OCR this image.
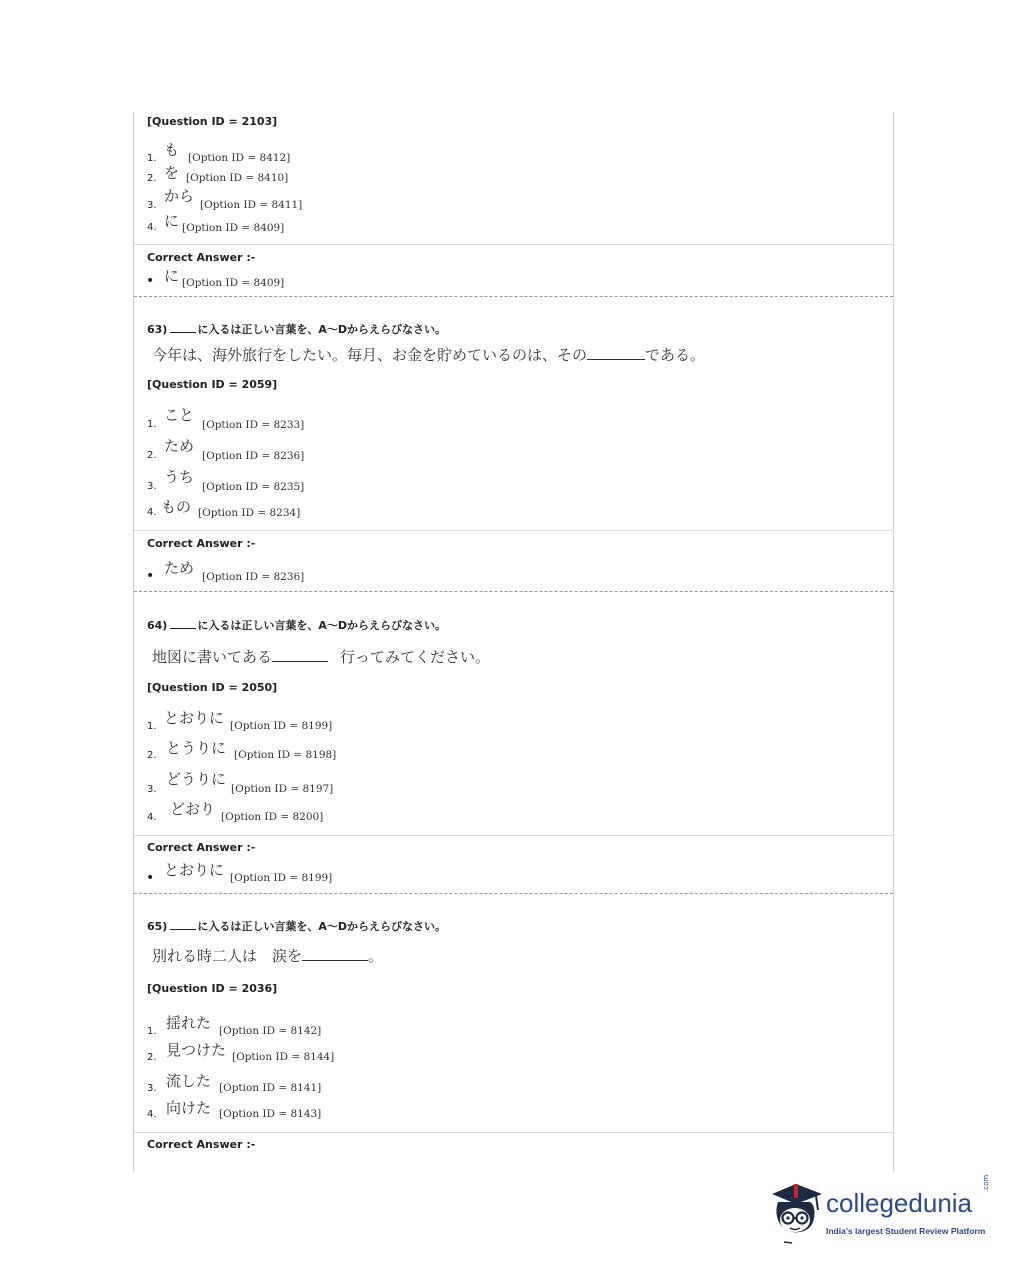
[Question ID = 2103]
1. も [Option ID = 8412]
2. を [Option ID = 8410]
3.
から [Option ID = 8411]
4. に [Option ID = 8409]
Correct Answer :-
• に [Option ID = 8409]
63)	に入るは正しい言葉を、A～Dからえらびなさい。
今年は、海外旅行をしたい。毎月、お金を貯めているのは、その	である。
[Question ID = 2059]
1.
こと
[Option ID = 8233]
2.
ため
[Option ID = 8236]
3.
うち
[Option ID = 8235]
4. もの [Option ID = 8234]
Correct Answer :-
• ため [Option ID = 8236]
64)	に入るは正しい言葉を、A～Dからえらびなさい。
地図に書いてある	行ってみてください。
[Question ID = 2050]
1. とおりに [Option ID = 8199]
2. とうりに [Option ID = 8198]
3.
どうりに
[Option ID = 8197]
4. どおり [Option ID = 8200]
Correct Answer :-
• とおりに [Option ID = 8199]
65)	に入るは正しい言葉を、A～Dからえらびなさい。
別れる時二人は　涙を	。
[Question ID = 2036]
1. 揺れた [Option ID = 8142]
2. 見つけた [Option ID = 8144]
3. 流した [Option ID = 8141]
4. 向けた [Option ID = 8143]
Correct Answer :-
collegedunia
.com
India's largest Student Review Platform
